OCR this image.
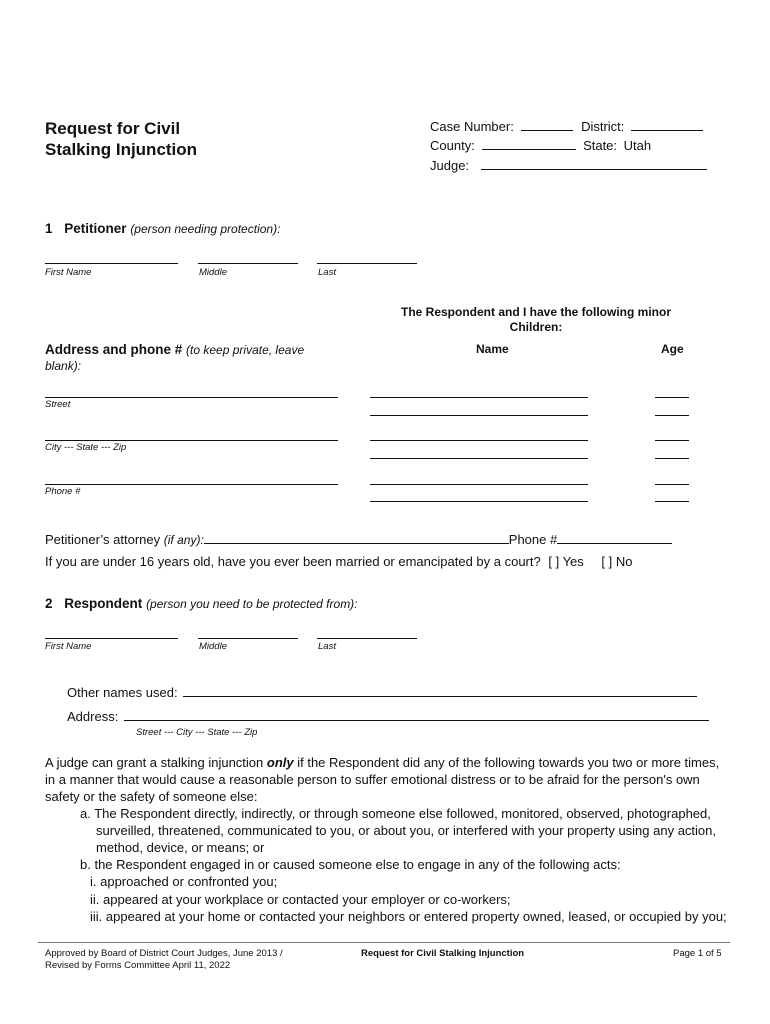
Request for Civil
Stalking Injunction
Case Number:	District:
County:	State: Utah
Judge:
1 Petitioner (person needing protection):
First Name	Middle	Last
The Respondent and I have the following minor
Children:
Name	Age
Address and phone # (to keep private, leave
blank):
Street
City --- State --- Zip
Phone #
Petitioner’s attorney (if any):	Phone #
If you are under 16 years old, have you ever been married or emancipated by a court? [ ] Yes [ ] No
2 Respondent (person you need to be protected from):
First Name	Middle	Last
Other names used:
Address:
Street --- City --- State --- Zip
A judge can grant a stalking injunction only if the Respondent did any of the following towards you two or more times, in a manner that would cause a reasonable person to suffer emotional distress or to be afraid for the person's own safety or the safety of someone else:
a. The Respondent directly, indirectly, or through someone else followed, monitored, observed, photographed, surveilled, threatened, communicated to you, or about you, or interfered with your property using any action, method, device, or means; or
b. the Respondent engaged in or caused someone else to engage in any of the following acts:
i. approached or confronted you;
ii. appeared at your workplace or contacted your employer or co-workers;
iii. appeared at your home or contacted your neighbors or entered property owned, leased, or occupied by you;
Approved by Board of District Court Judges, June 2013 /
Revised by Forms Committee April 11, 2022
Request for Civil Stalking Injunction	Page 1 of 5
